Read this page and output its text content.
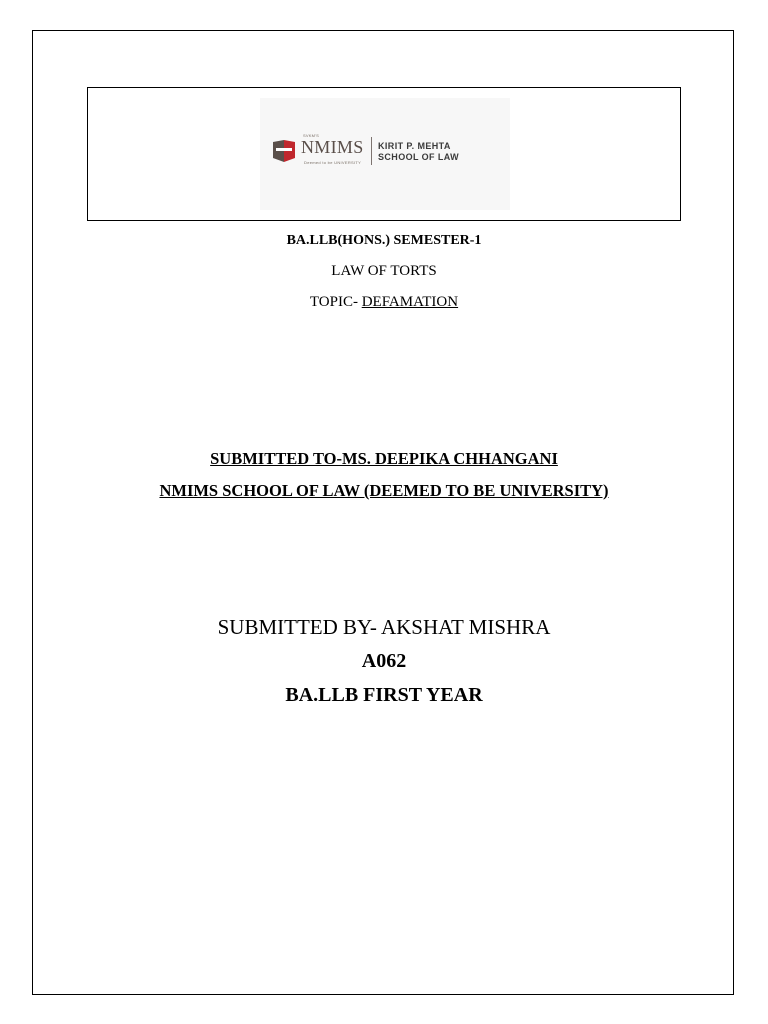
SVKM'S
NMIMS
Deemed to be UNIVERSITY
KIRIT P. MEHTA
SCHOOL OF LAW
BA.LLB(HONS.) SEMESTER-1
LAW OF TORTS
TOPIC- DEFAMATION
SUBMITTED TO-MS. DEEPIKA CHHANGANI
NMIMS SCHOOL OF LAW (DEEMED TO BE UNIVERSITY)
SUBMITTED BY- AKSHAT MISHRA
A062
BA.LLB FIRST YEAR
